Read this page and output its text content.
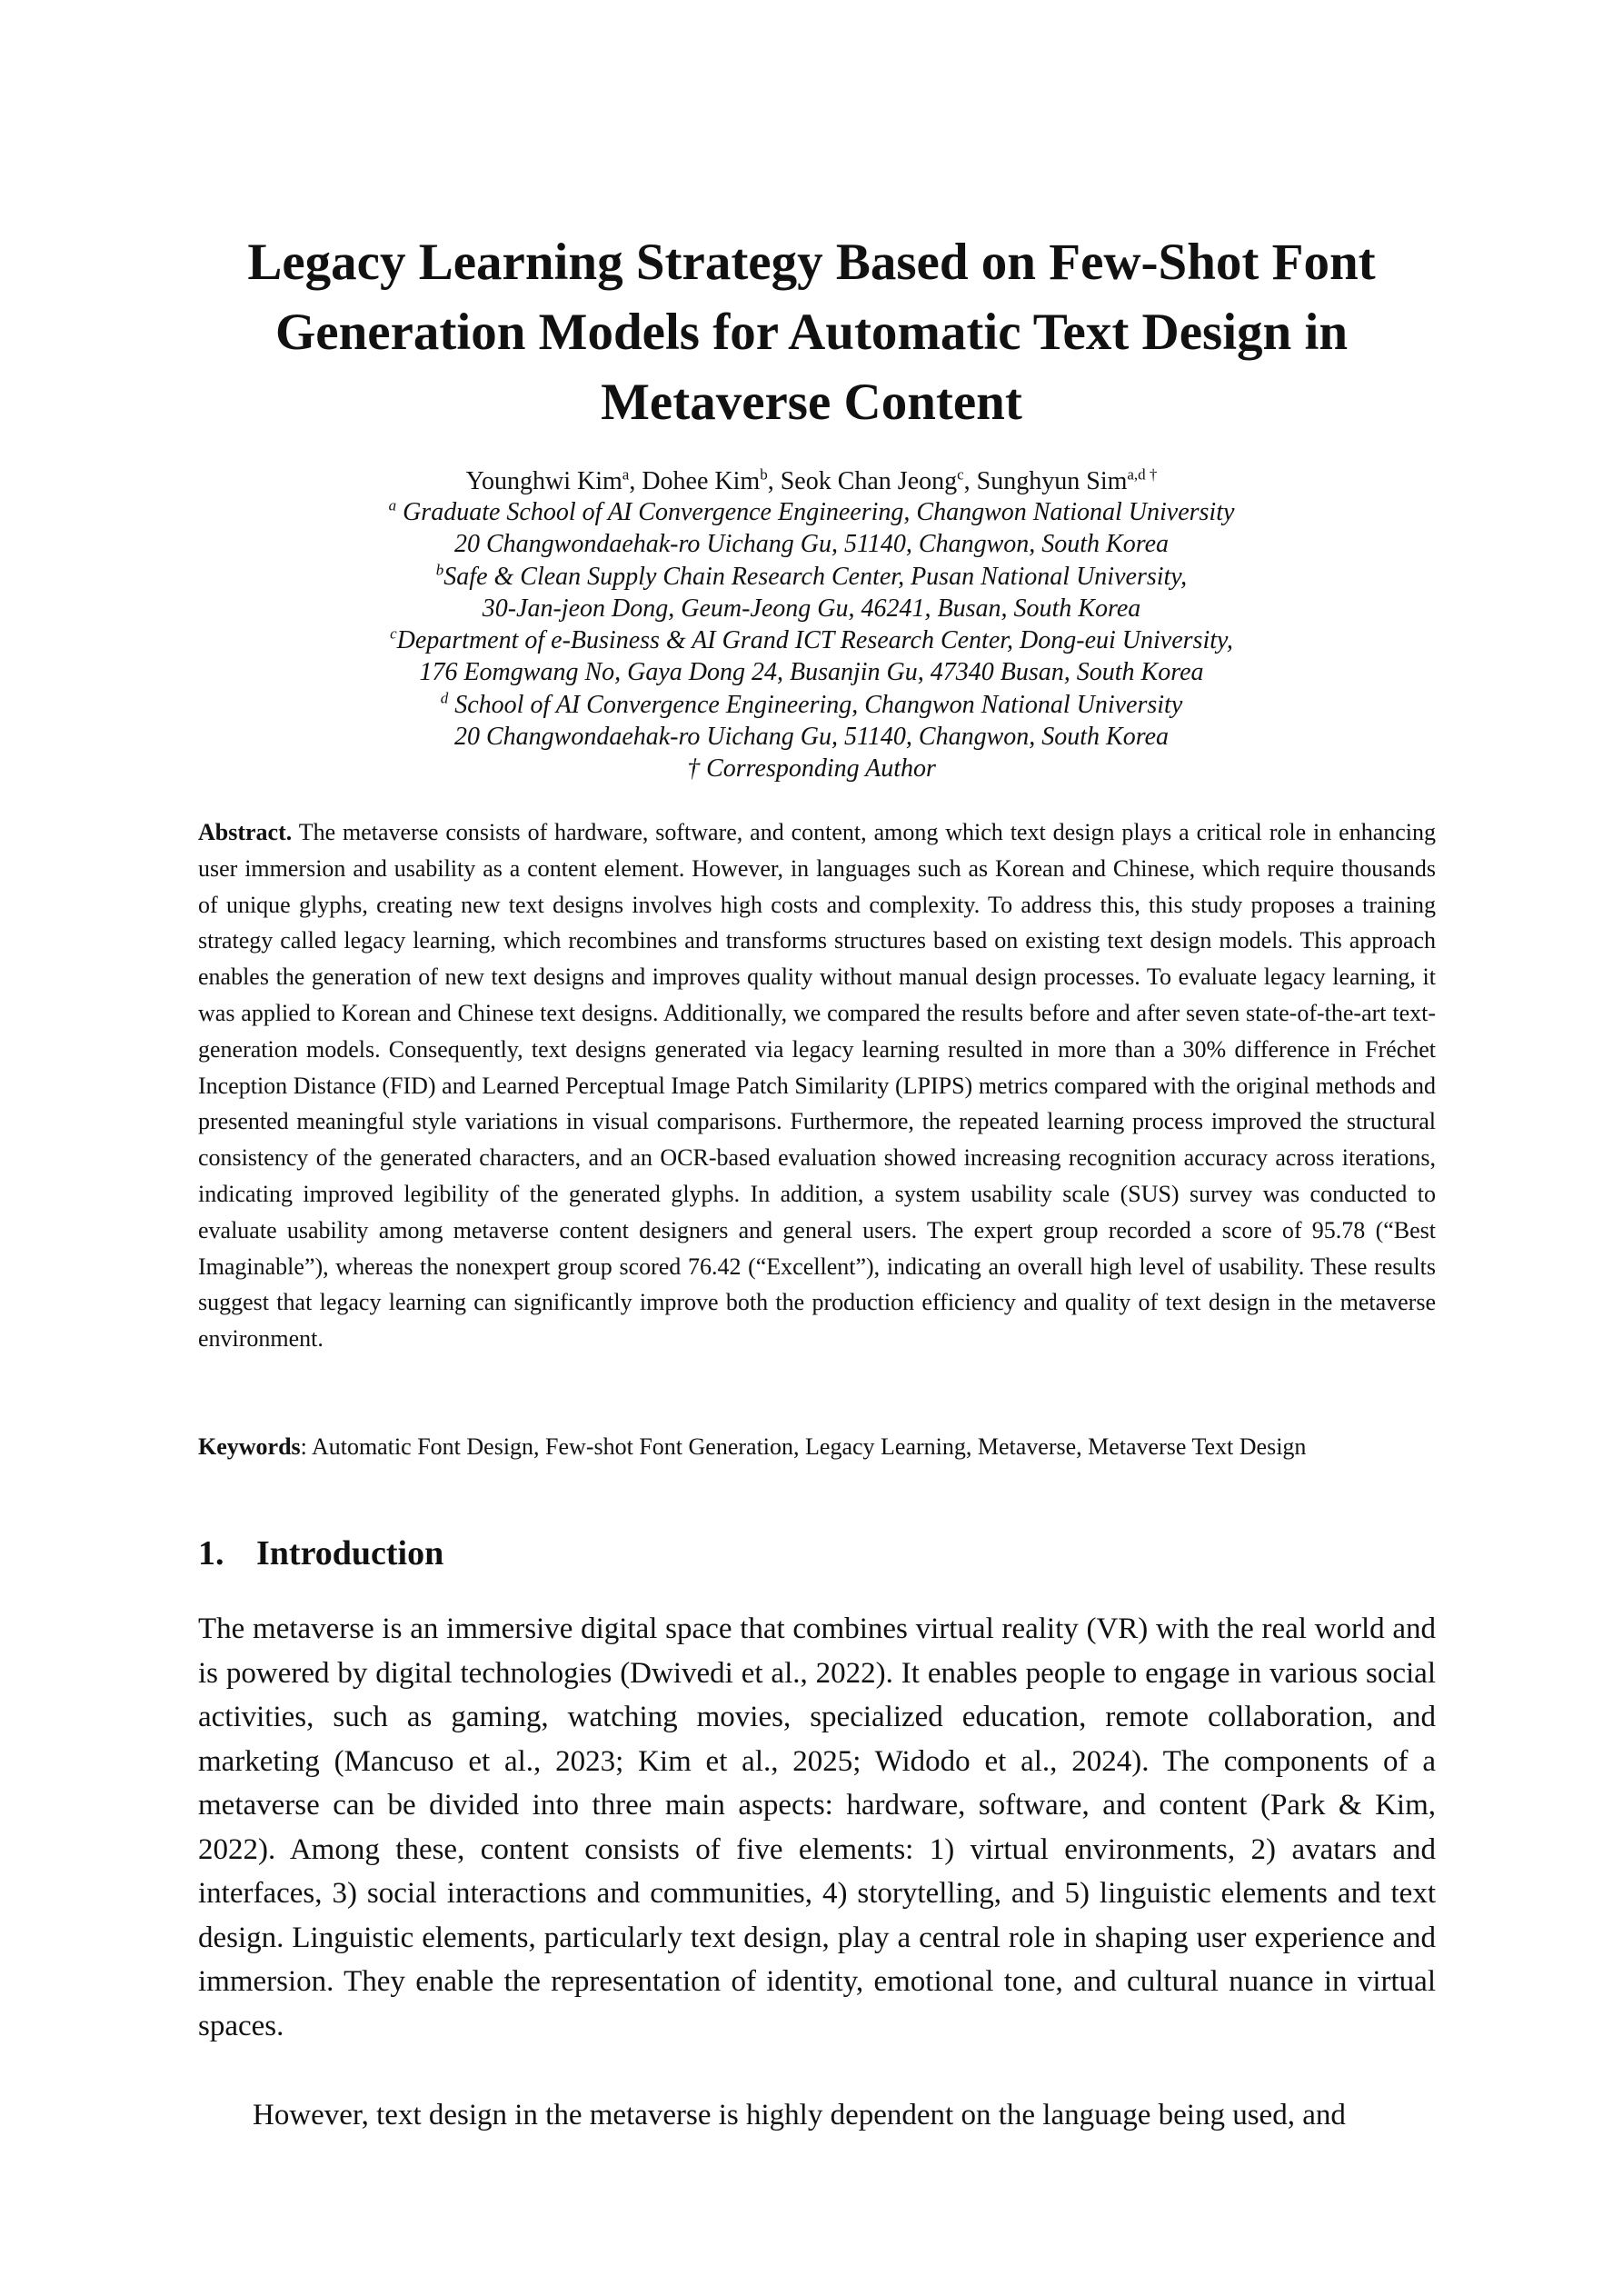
Legacy Learning Strategy Based on Few-Shot Font
Generation Models for Automatic Text Design in
Metaverse Content
Younghwi Kim$^a$, Dohee Kim$^b$, Seok Chan Jeong$^c$, Sunghyun Sim$^{a,d \dagger}$
$^a$ Graduate School of AI Convergence Engineering, Changwon National University
20 Changwondaehak-ro Uichang Gu, 51140, Changwon, South Korea
$^b$Safe & Clean Supply Chain Research Center, Pusan National University,
30-Jan-jeon Dong, Geum-Jeong Gu, 46241, Busan, South Korea
$^c$Department of e-Business & AI Grand ICT Research Center, Dong-eui University,
176 Eomgwang No, Gaya Dong 24, Busanjin Gu, 47340 Busan, South Korea
$^d$ School of AI Convergence Engineering, Changwon National University
20 Changwondaehak-ro Uichang Gu, 51140, Changwon, South Korea
† Corresponding Author

Abstract. The metaverse consists of hardware, software, and content, among which text design plays a critical role in enhancing user immersion and usability as a content element. However, in languages such as Korean and Chinese, which require thousands of unique glyphs, creating new text designs involves high costs and complexity. To address this, this study proposes a training strategy called legacy learning, which recombines and transforms structures based on existing text design models. This approach enables the generation of new text designs and improves quality without manual design processes. To evaluate legacy learning, it was applied to Korean and Chinese text designs. Additionally, we compared the results before and after seven state-of-the-art text-generation models. Consequently, text designs generated via legacy learning resulted in more than a 30% difference in Fréchet Inception Distance (FID) and Learned Perceptual Image Patch Similarity (LPIPS) metrics compared with the original methods and presented meaningful style variations in visual comparisons. Furthermore, the repeated learning process improved the structural consistency of the generated characters, and an OCR-based evaluation showed increasing recognition accuracy across iterations, indicating improved legibility of the generated glyphs. In addition, a system usability scale (SUS) survey was conducted to evaluate usability among metaverse content designers and general users. The expert group recorded a score of 95.78 (“Best Imaginable”), whereas the nonexpert group scored 76.42 (“Excellent”), indicating an overall high level of usability. These results suggest that legacy learning can significantly improve both the production efficiency and quality of text design in the metaverse environment.

Keywords: Automatic Font Design, Few-shot Font Generation, Legacy Learning, Metaverse, Metaverse Text Design

1. Introduction

The metaverse is an immersive digital space that combines virtual reality (VR) with the real world and is powered by digital technologies (Dwivedi et al., 2022). It enables people to engage in various social activities, such as gaming, watching movies, specialized education, remote collaboration, and marketing (Mancuso et al., 2023; Kim et al., 2025; Widodo et al., 2024). The components of a metaverse can be divided into three main aspects: hardware, software, and content (Park & Kim, 2022). Among these, content consists of five elements: 1) virtual environments, 2) avatars and interfaces, 3) social interactions and communities, 4) storytelling, and 5) linguistic elements and text design. Linguistic elements, particularly text design, play a central role in shaping user experience and immersion. They enable the representation of identity, emotional tone, and cultural nuance in virtual spaces.

However, text design in the metaverse is highly dependent on the language being used, and
